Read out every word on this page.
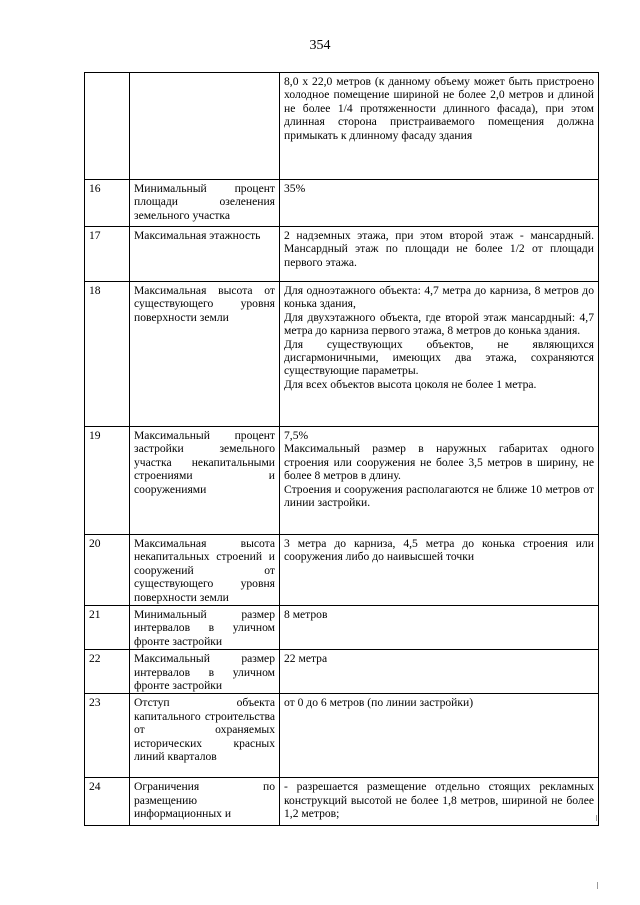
354

		8,0 х 22,0 метров (к данному объему может быть пристроено холодное помещение шириной не более 2,0 метров и длиной не более 1/4 протяженности длинного фасада), при этом длинная сторона пристраиваемого помещения должна примыкать к длинному фасаду здания

16	Минимальный процент площади озеленения земельного участка	35%

17	Максимальная этажность	2 надземных этажа, при этом второй этаж - мансардный. Мансардный этаж по площади не более 1/2 от площади первого этажа.

18	Максимальная высота от существующего уровня поверхности земли	Для одноэтажного объекта: 4,7 метра до карниза, 8 метров до конька здания,
Для двухэтажного объекта, где второй этаж мансардный: 4,7 метра до карниза первого этажа, 8 метров до конька здания.
Для существующих объектов, не являющихся дисгармоничными, имеющих два этажа, сохраняются существующие параметры.
Для всех объектов высота цоколя не более 1 метра.

19	Максимальный процент застройки земельного участка некапитальными строениями и сооружениями	7,5%
Максимальный размер в наружных габаритах одного строения или сооружения не более 3,5 метров в ширину, не более 8 метров в длину.
Строения и сооружения располагаются не ближе 10 метров от линии застройки.

20	Максимальная высота некапитальных строений и сооружений от существующего уровня поверхности земли	3 метра до карниза, 4,5 метра до конька строения или сооружения либо до наивысшей точки

21	Минимальный размер интервалов в уличном фронте застройки	8 метров

22	Максимальный размер интервалов в уличном фронте застройки	22 метра

23	Отступ объекта капитального строительства от охраняемых исторических красных линий кварталов	от 0 до 6 метров (по линии застройки)

24	Ограничения по размещению информационных и	- разрешается размещение отдельно стоящих рекламных конструкций высотой не более 1,8 метров, шириной не более 1,2 метров;
